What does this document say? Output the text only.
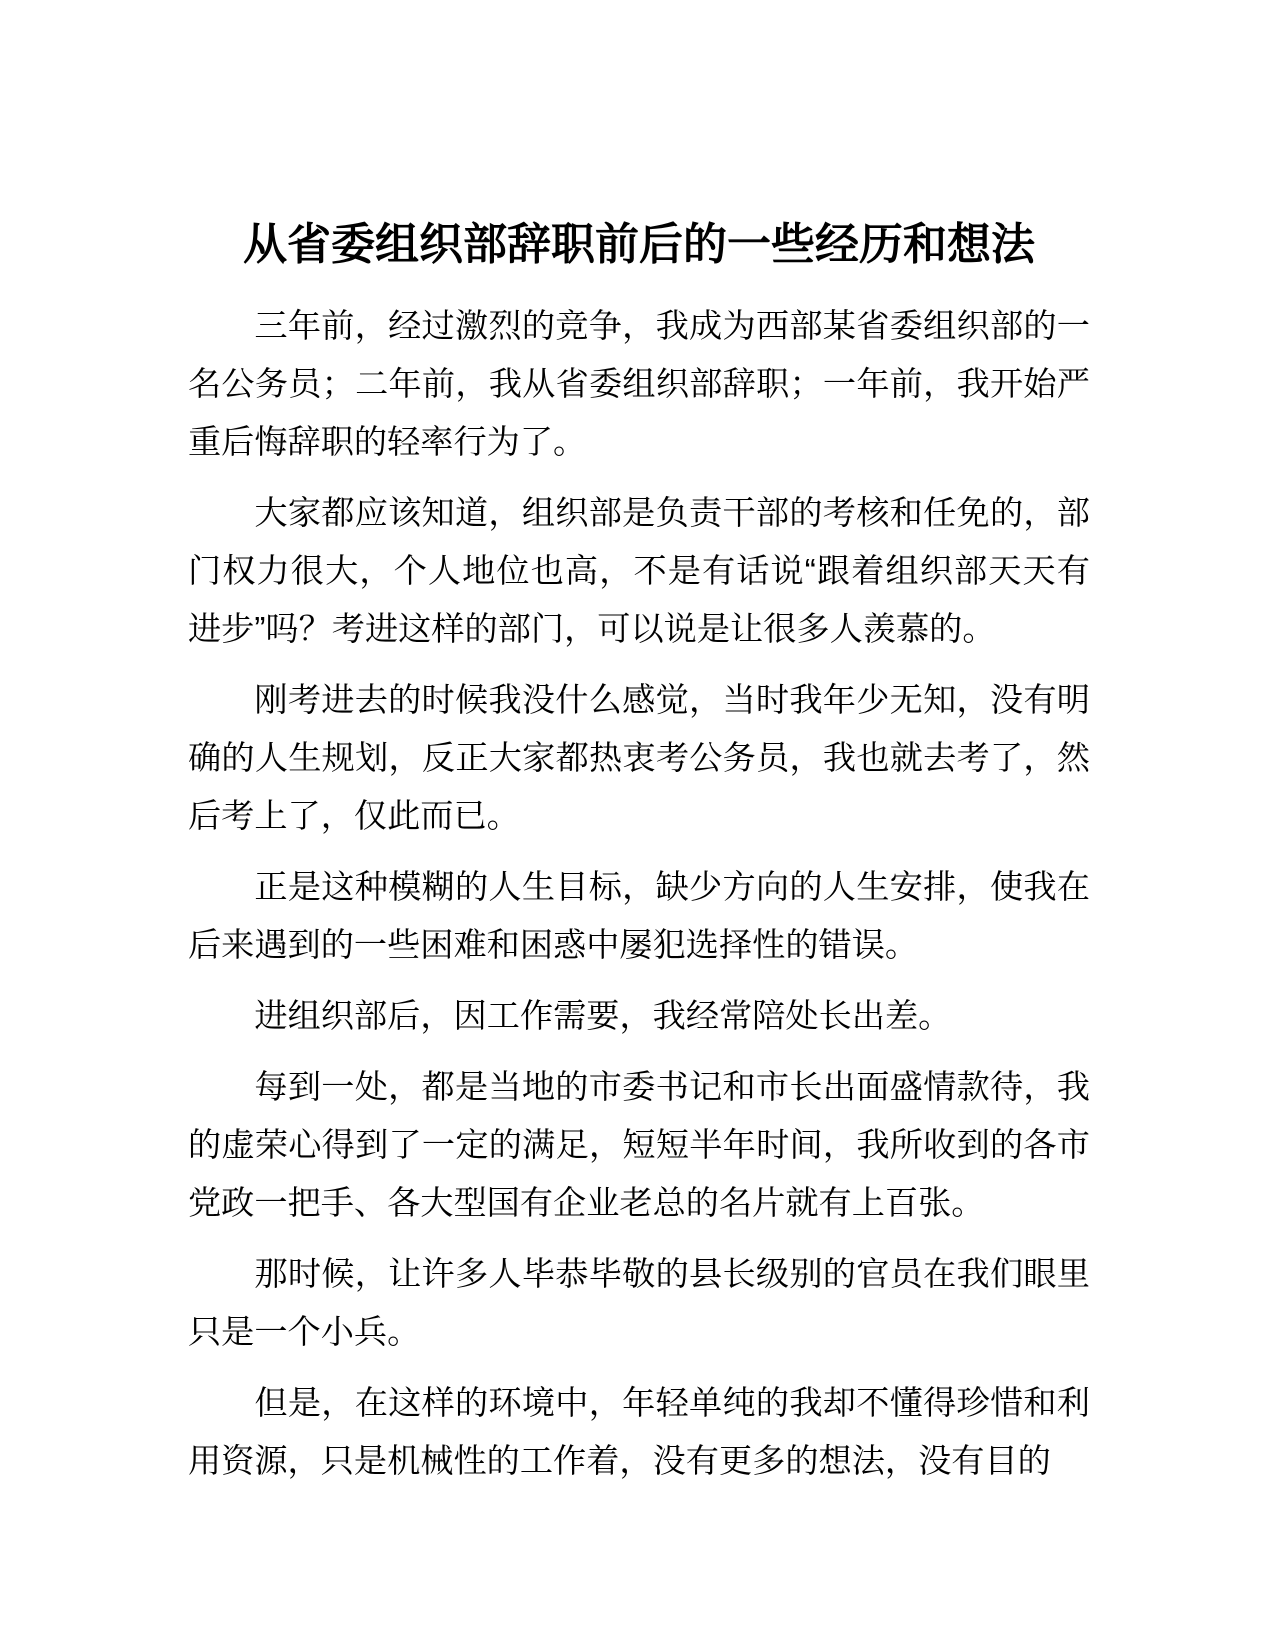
从省委组织部辞职前后的一些经历和想法

三年前，经过激烈的竞争，我成为西部某省委组织部的一名公务员；二年前，我从省委组织部辞职；一年前，我开始严重后悔辞职的轻率行为了。

大家都应该知道，组织部是负责干部的考核和任免的，部门权力很大，个人地位也高，不是有话说“跟着组织部天天有进步”吗？考进这样的部门，可以说是让很多人羡慕的。

刚考进去的时候我没什么感觉，当时我年少无知，没有明确的人生规划，反正大家都热衷考公务员，我也就去考了，然后考上了，仅此而已。

正是这种模糊的人生目标，缺少方向的人生安排，使我在后来遇到的一些困难和困惑中屡犯选择性的错误。

进组织部后，因工作需要，我经常陪处长出差。

每到一处，都是当地的市委书记和市长出面盛情款待，我的虚荣心得到了一定的满足，短短半年时间，我所收到的各市党政一把手、各大型国有企业老总的名片就有上百张。

那时候，让许多人毕恭毕敬的县长级别的官员在我们眼里只是一个小兵。

但是，在这样的环境中，年轻单纯的我却不懂得珍惜和利用资源，只是机械性的工作着，没有更多的想法，没有目的
